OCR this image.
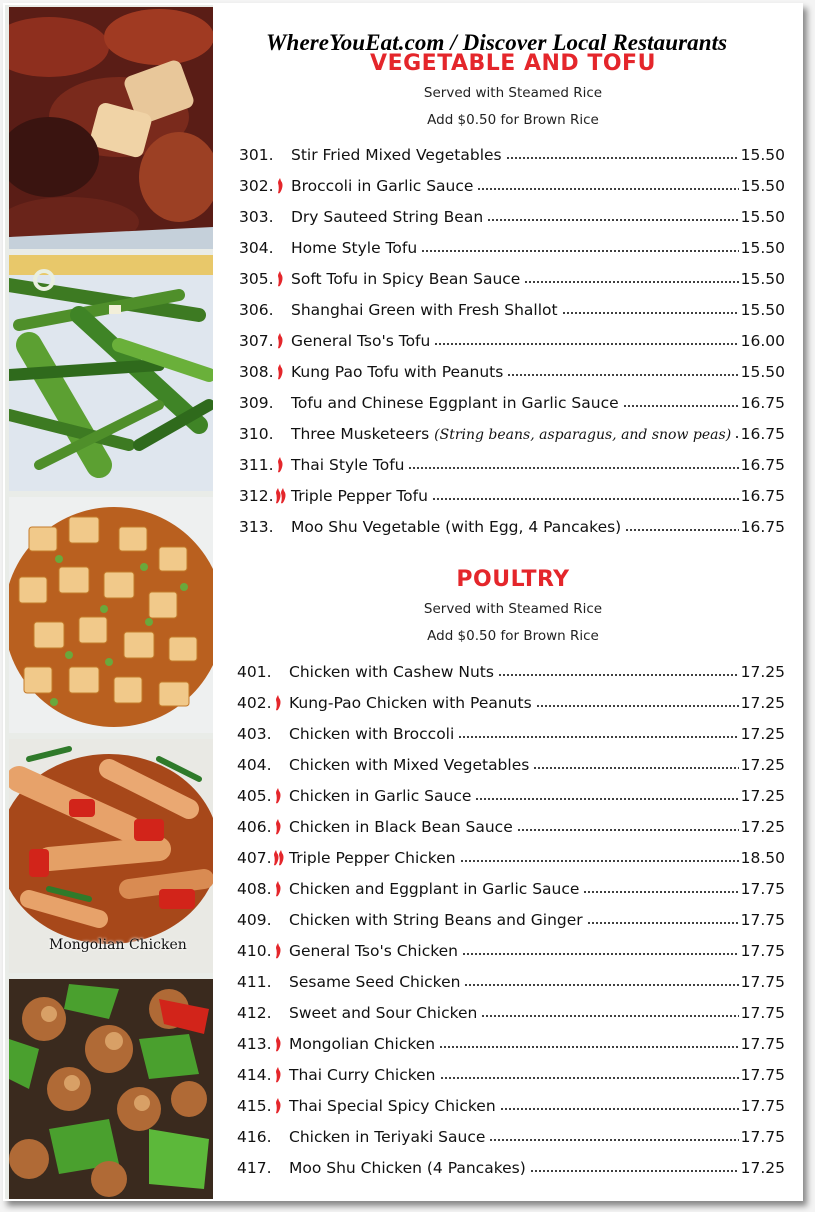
Mongolian Chicken
WhereYouEat.com / Discover Local Restaurants
VEGETABLE AND TOFU
Served with Steamed Rice
Add $0.50 for Brown Rice
301.	Stir Fried Mixed Vegetables	15.50
302.	Broccoli in Garlic Sauce	15.50
303.	Dry Sauteed String Bean	15.50
304.	Home Style Tofu	15.50
305.	Soft Tofu in Spicy Bean Sauce	15.50
306.	Shanghai Green with Fresh Shallot	15.50
307.	General Tso's Tofu	16.00
308.	Kung Pao Tofu with Peanuts	15.50
309.	Tofu and Chinese Eggplant in Garlic Sauce	16.75
310.	Three Musketeers (String beans, asparagus, and snow peas) 16.75
311.	Thai Style Tofu	16.75
312.	Triple Pepper Tofu	16.75
313.	Moo Shu Vegetable (with Egg, 4 Pancakes)	16.75
POULTRY
Served with Steamed Rice
Add $0.50 for Brown Rice
401.	Chicken with Cashew Nuts	17.25
402.	Kung-Pao Chicken with Peanuts	17.25
403.	Chicken with Broccoli	17.25
404.	Chicken with Mixed Vegetables	17.25
405.	Chicken in Garlic Sauce	17.25
406.	Chicken in Black Bean Sauce	17.25
407.	Triple Pepper Chicken	18.50
408.	Chicken and Eggplant in Garlic Sauce	17.75
409.	Chicken with String Beans and Ginger	17.75
410.	General Tso's Chicken	17.75
411.	Sesame Seed Chicken	17.75
412.	Sweet and Sour Chicken	17.75
413.	Mongolian Chicken	17.75
414.	Thai Curry Chicken	17.75
415.	Thai Special Spicy Chicken	17.75
416.	Chicken in Teriyaki Sauce	17.75
417.	Moo Shu Chicken (4 Pancakes)	17.25
